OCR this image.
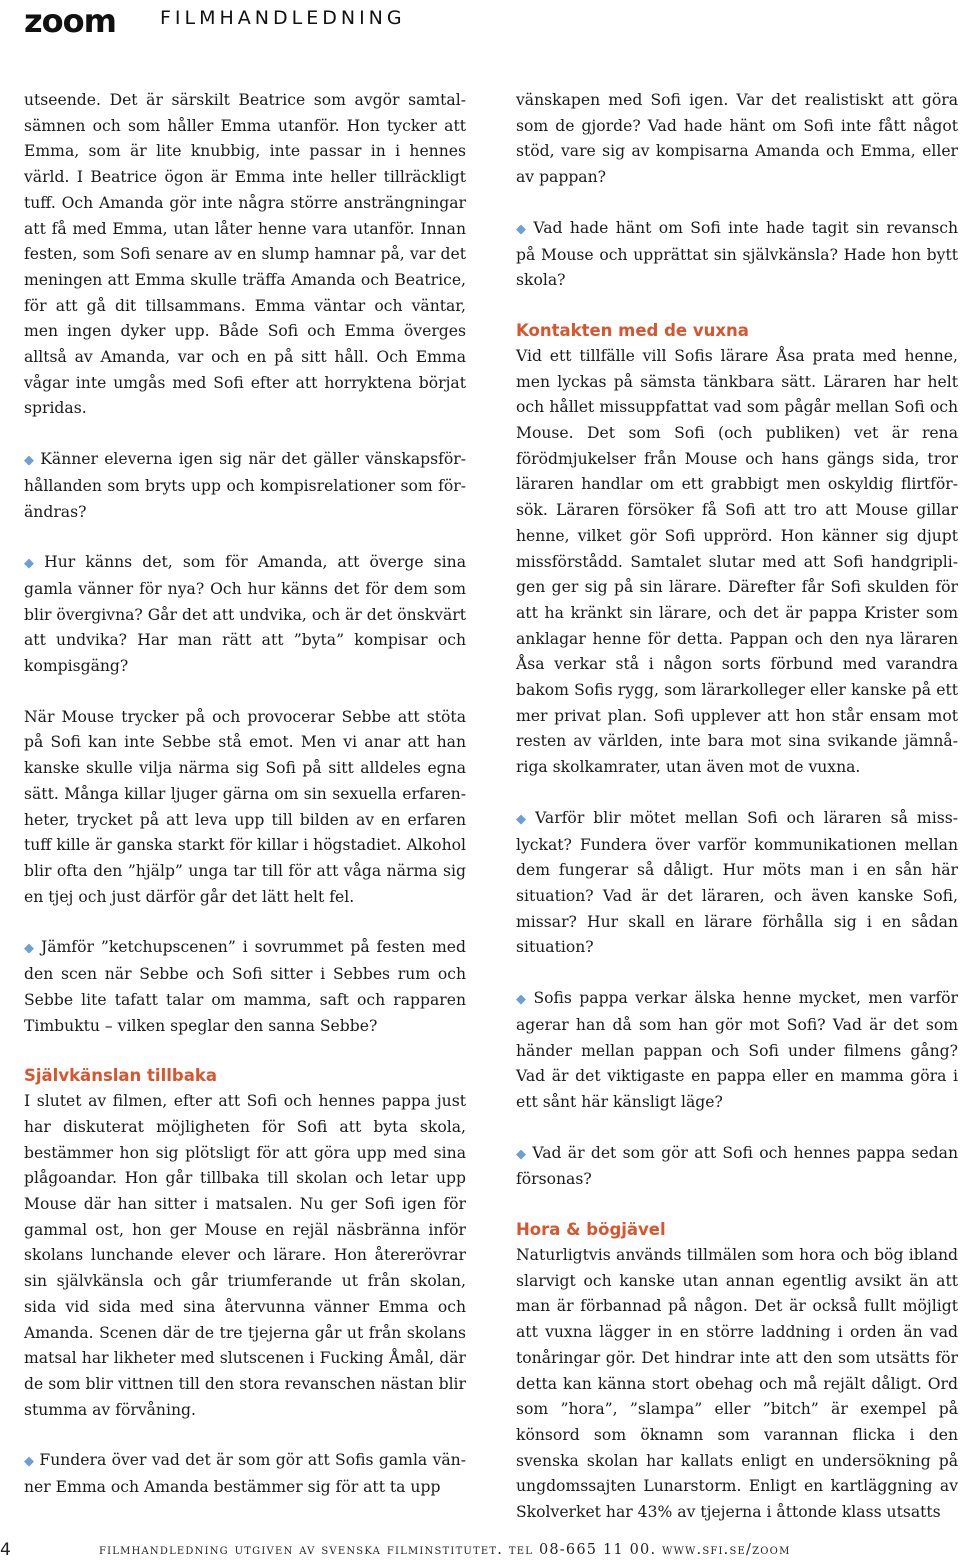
zoom FILMHANDLEDNING

utseende. Det är särskilt Beatrice som avgör samtalsämnen och som håller Emma utanför. Hon tycker att Emma, som är lite knubbig, inte passar in i hennes värld. I Beatrice ögon är Emma inte heller tillräckligt tuff. Och Amanda gör inte några större ansträngningar att få med Emma, utan låter henne vara utanför. Innan festen, som Sofi senare av en slump hamnar på, var det meningen att Emma skulle träffa Amanda och Beatrice, för att gå dit tillsammans. Emma väntar och väntar, men ingen dyker upp. Både Sofi och Emma överges alltså av Amanda, var och en på sitt håll. Och Emma vågar inte umgås med Sofi efter att horryktena börjat spridas.

◆ Känner eleverna igen sig när det gäller vänskapsförhållanden som bryts upp och kompisrelationer som förändras?

◆ Hur känns det, som för Amanda, att överge sina gamla vänner för nya? Och hur känns det för dem som blir övergivna? Går det att undvika, och är det önskvärt att undvika? Har man rätt att ”byta” kompisar och kompisgäng?

När Mouse trycker på och provocerar Sebbe att stöta på Sofi kan inte Sebbe stå emot. Men vi anar att han kanske skulle vilja närma sig Sofi på sitt alldeles egna sätt. Många killar ljuger gärna om sin sexuella erfarenheter, trycket på att leva upp till bilden av en erfaren tuff kille är ganska starkt för killar i högstadiet. Alkohol blir ofta den ”hjälp” unga tar till för att våga närma sig en tjej och just därför går det lätt helt fel.

◆ Jämför ”ketchupscenen” i sovrummet på festen med den scen när Sebbe och Sofi sitter i Sebbes rum och Sebbe lite tafatt talar om mamma, saft och rapparen Timbuktu – vilken speglar den sanna Sebbe?

Självkänslan tillbaka

I slutet av filmen, efter att Sofi och hennes pappa just har diskuterat möjligheten för Sofi att byta skola, bestämmer hon sig plötsligt för att göra upp med sina plågoandar. Hon går tillbaka till skolan och letar upp Mouse där han sitter i matsalen. Nu ger Sofi igen för gammal ost, hon ger Mouse en rejäl näsbränna inför skolans lunchande elever och lärare. Hon återerövrar sin självkänsla och går triumferande ut från skolan, sida vid sida med sina återvunna vänner Emma och Amanda. Scenen där de tre tjejerna går ut från skolans matsal har likheter med slutscenen i Fucking Åmål, där de som blir vittnen till den stora revanschen nästan blir stumma av förvåning.

◆ Fundera över vad det är som gör att Sofis gamla vänner Emma och Amanda bestämmer sig för att ta upp

vänskapen med Sofi igen. Var det realistiskt att göra som de gjorde? Vad hade hänt om Sofi inte fått något stöd, vare sig av kompisarna Amanda och Emma, eller av pappan?

◆ Vad hade hänt om Sofi inte hade tagit sin revansch på Mouse och upprättat sin självkänsla? Hade hon bytt skola?

Kontakten med de vuxna

Vid ett tillfälle vill Sofis lärare Åsa prata med henne, men lyckas på sämsta tänkbara sätt. Läraren har helt och hållet missuppfattat vad som pågår mellan Sofi och Mouse. Det som Sofi (och publiken) vet är rena förödmjukelser från Mouse och hans gängs sida, tror läraren handlar om ett grabbigt men oskyldig flirtförsök. Läraren försöker få Sofi att tro att Mouse gillar henne, vilket gör Sofi upprörd. Hon känner sig djupt missförstådd. Samtalet slutar med att Sofi handgripligen ger sig på sin lärare. Därefter får Sofi skulden för att ha kränkt sin lärare, och det är pappa Krister som anklagar henne för detta. Pappan och den nya läraren Åsa verkar stå i någon sorts förbund med varandra bakom Sofis rygg, som lärarkolleger eller kanske på ett mer privat plan. Sofi upplever att hon står ensam mot resten av världen, inte bara mot sina svikande jämnåriga skolkamrater, utan även mot de vuxna.

◆ Varför blir mötet mellan Sofi och läraren så misslyckat? Fundera över varför kommunikationen mellan dem fungerar så dåligt. Hur möts man i en sån här situation? Vad är det läraren, och även kanske Sofi, missar? Hur skall en lärare förhålla sig i en sådan situation?

◆ Sofis pappa verkar älska henne mycket, men varför agerar han då som han gör mot Sofi? Vad är det som händer mellan pappan och Sofi under filmens gång? Vad är det viktigaste en pappa eller en mamma göra i ett sånt här känsligt läge?

◆ Vad är det som gör att Sofi och hennes pappa sedan försonas?

Hora & bögjävel

Naturligtvis används tillmälen som hora och bög ibland slarvigt och kanske utan annan egentlig avsikt än att man är förbannad på någon. Det är också fullt möjligt att vuxna lägger in en större laddning i orden än vad tonåringar gör. Det hindrar inte att den som utsätts för detta kan känna stort obehag och må rejält dåligt. Ord som ”hora”, ”slampa” eller ”bitch” är exempel på könsord som öknamn som varannan flicka i den svenska skolan har kallats enligt en undersökning på ungdomssajten Lunarstorm. Enligt en kartläggning av Skolverket har 43% av tjejerna i åttonde klass utsatts

4	filmhandledning utgiven av svenska filminstitutet. tel 08-665 11 00. www.sfi.se/zoom
